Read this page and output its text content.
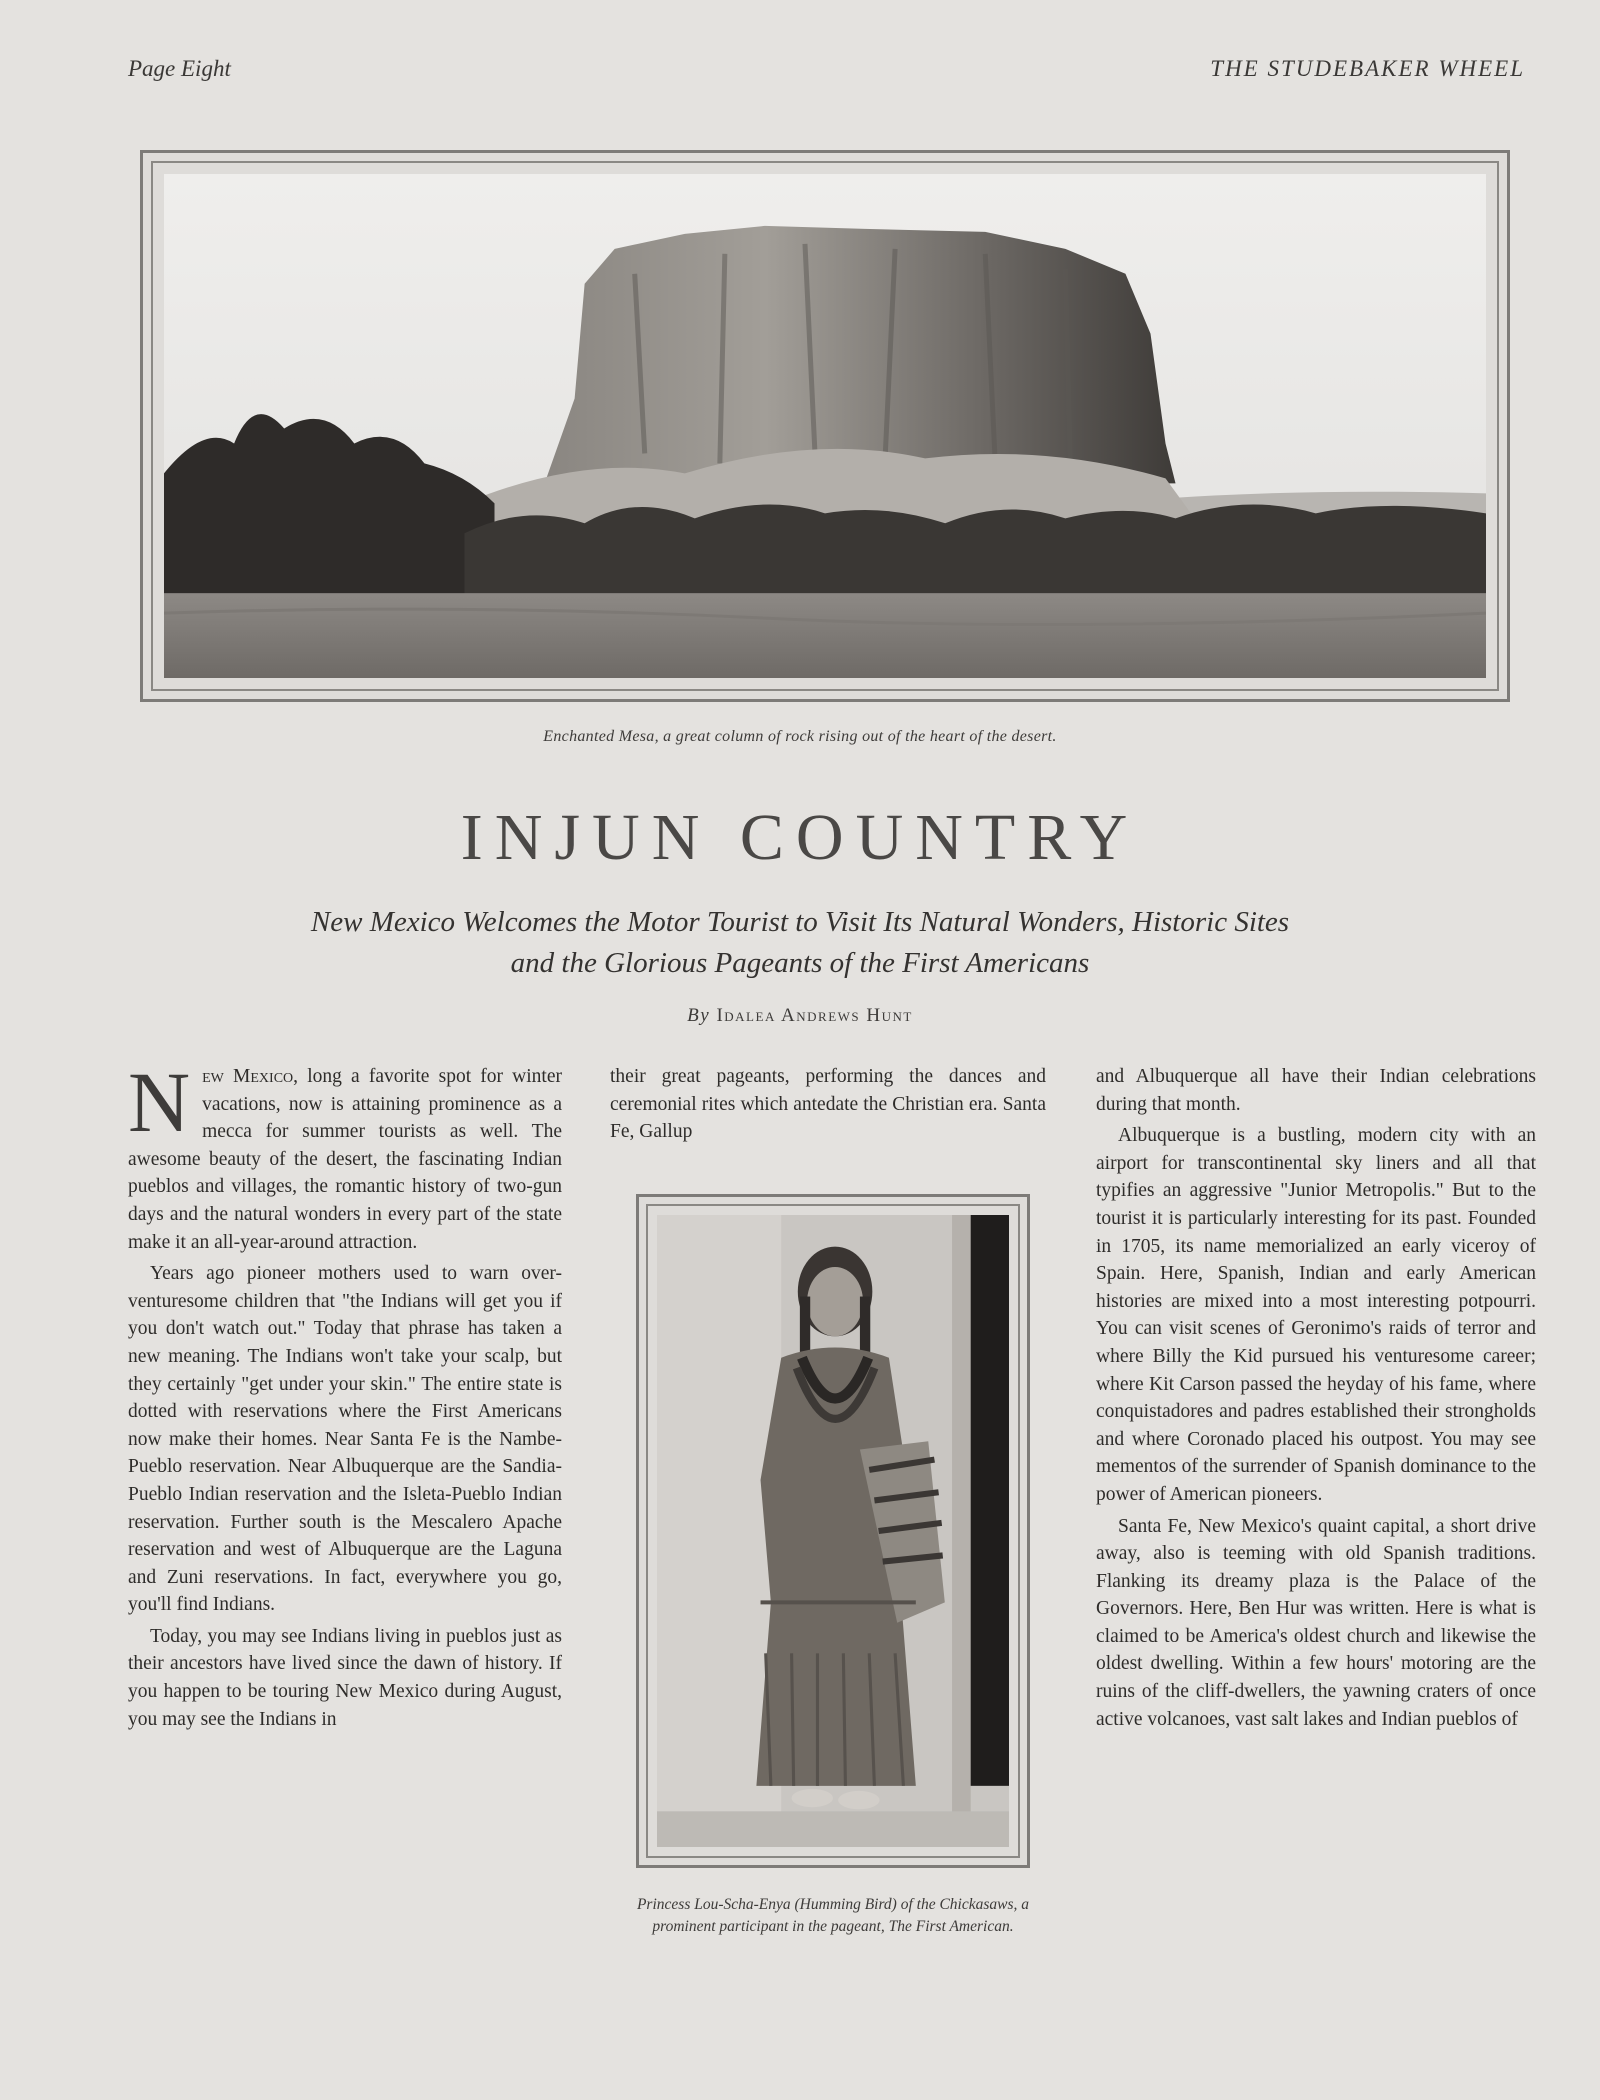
Page Eight	THE STUDEBAKER WHEEL
Enchanted Mesa, a great column of rock rising out of the heart of the desert.
INJUN COUNTRY
New Mexico Welcomes the Motor Tourist to Visit Its Natural Wonders, Historic Sites
and the Glorious Pageants of the First Americans
By Idalea Andrews Hunt

New Mexico, long a favorite spot for winter vacations, now is attaining prominence as a mecca for summer tourists as well. The awesome beauty of the desert, the fascinating Indian pueblos and villages, the romantic history of two-gun days and the natural wonders in every part of the state make it an all-year-around attraction.

Years ago pioneer mothers used to warn over-venturesome children that "the Indians will get you if you don't watch out." Today that phrase has taken a new meaning. The Indians won't take your scalp, but they certainly "get under your skin." The entire state is dotted with reservations where the First Americans now make their homes. Near Santa Fe is the Nambe-Pueblo reservation. Near Albuquerque are the Sandia-Pueblo Indian reservation and the Isleta-Pueblo Indian reservation. Further south is the Mescalero Apache reservation and west of Albuquerque are the Laguna and Zuni reservations. In fact, everywhere you go, you'll find Indians.

Today, you may see Indians living in pueblos just as their ancestors have lived since the dawn of history. If you happen to be touring New Mexico during August, you may see the Indians in

their great pageants, performing the dances and ceremonial rites which antedate the Christian era. Santa Fe, Gallup

Princess Lou-Scha-Enya (Humming Bird) of the Chickasaws, a prominent participant in the pageant, The First American.

and Albuquerque all have their Indian celebrations during that month.

Albuquerque is a bustling, modern city with an airport for transcontinental sky liners and all that typifies an aggressive "Junior Metropolis." But to the tourist it is particularly interesting for its past. Founded in 1705, its name memorialized an early viceroy of Spain. Here, Spanish, Indian and early American histories are mixed into a most interesting potpourri. You can visit scenes of Geronimo's raids of terror and where Billy the Kid pursued his venturesome career; where Kit Carson passed the heyday of his fame, where conquistadores and padres established their strongholds and where Coronado placed his outpost. You may see mementos of the surrender of Spanish dominance to the power of American pioneers.

Santa Fe, New Mexico's quaint capital, a short drive away, also is teeming with old Spanish traditions. Flanking its dreamy plaza is the Palace of the Governors. Here, Ben Hur was written. Here is what is claimed to be America's oldest church and likewise the oldest dwelling. Within a few hours' motoring are the ruins of the cliff-dwellers, the yawning craters of once active volcanoes, vast salt lakes and Indian pueblos of
